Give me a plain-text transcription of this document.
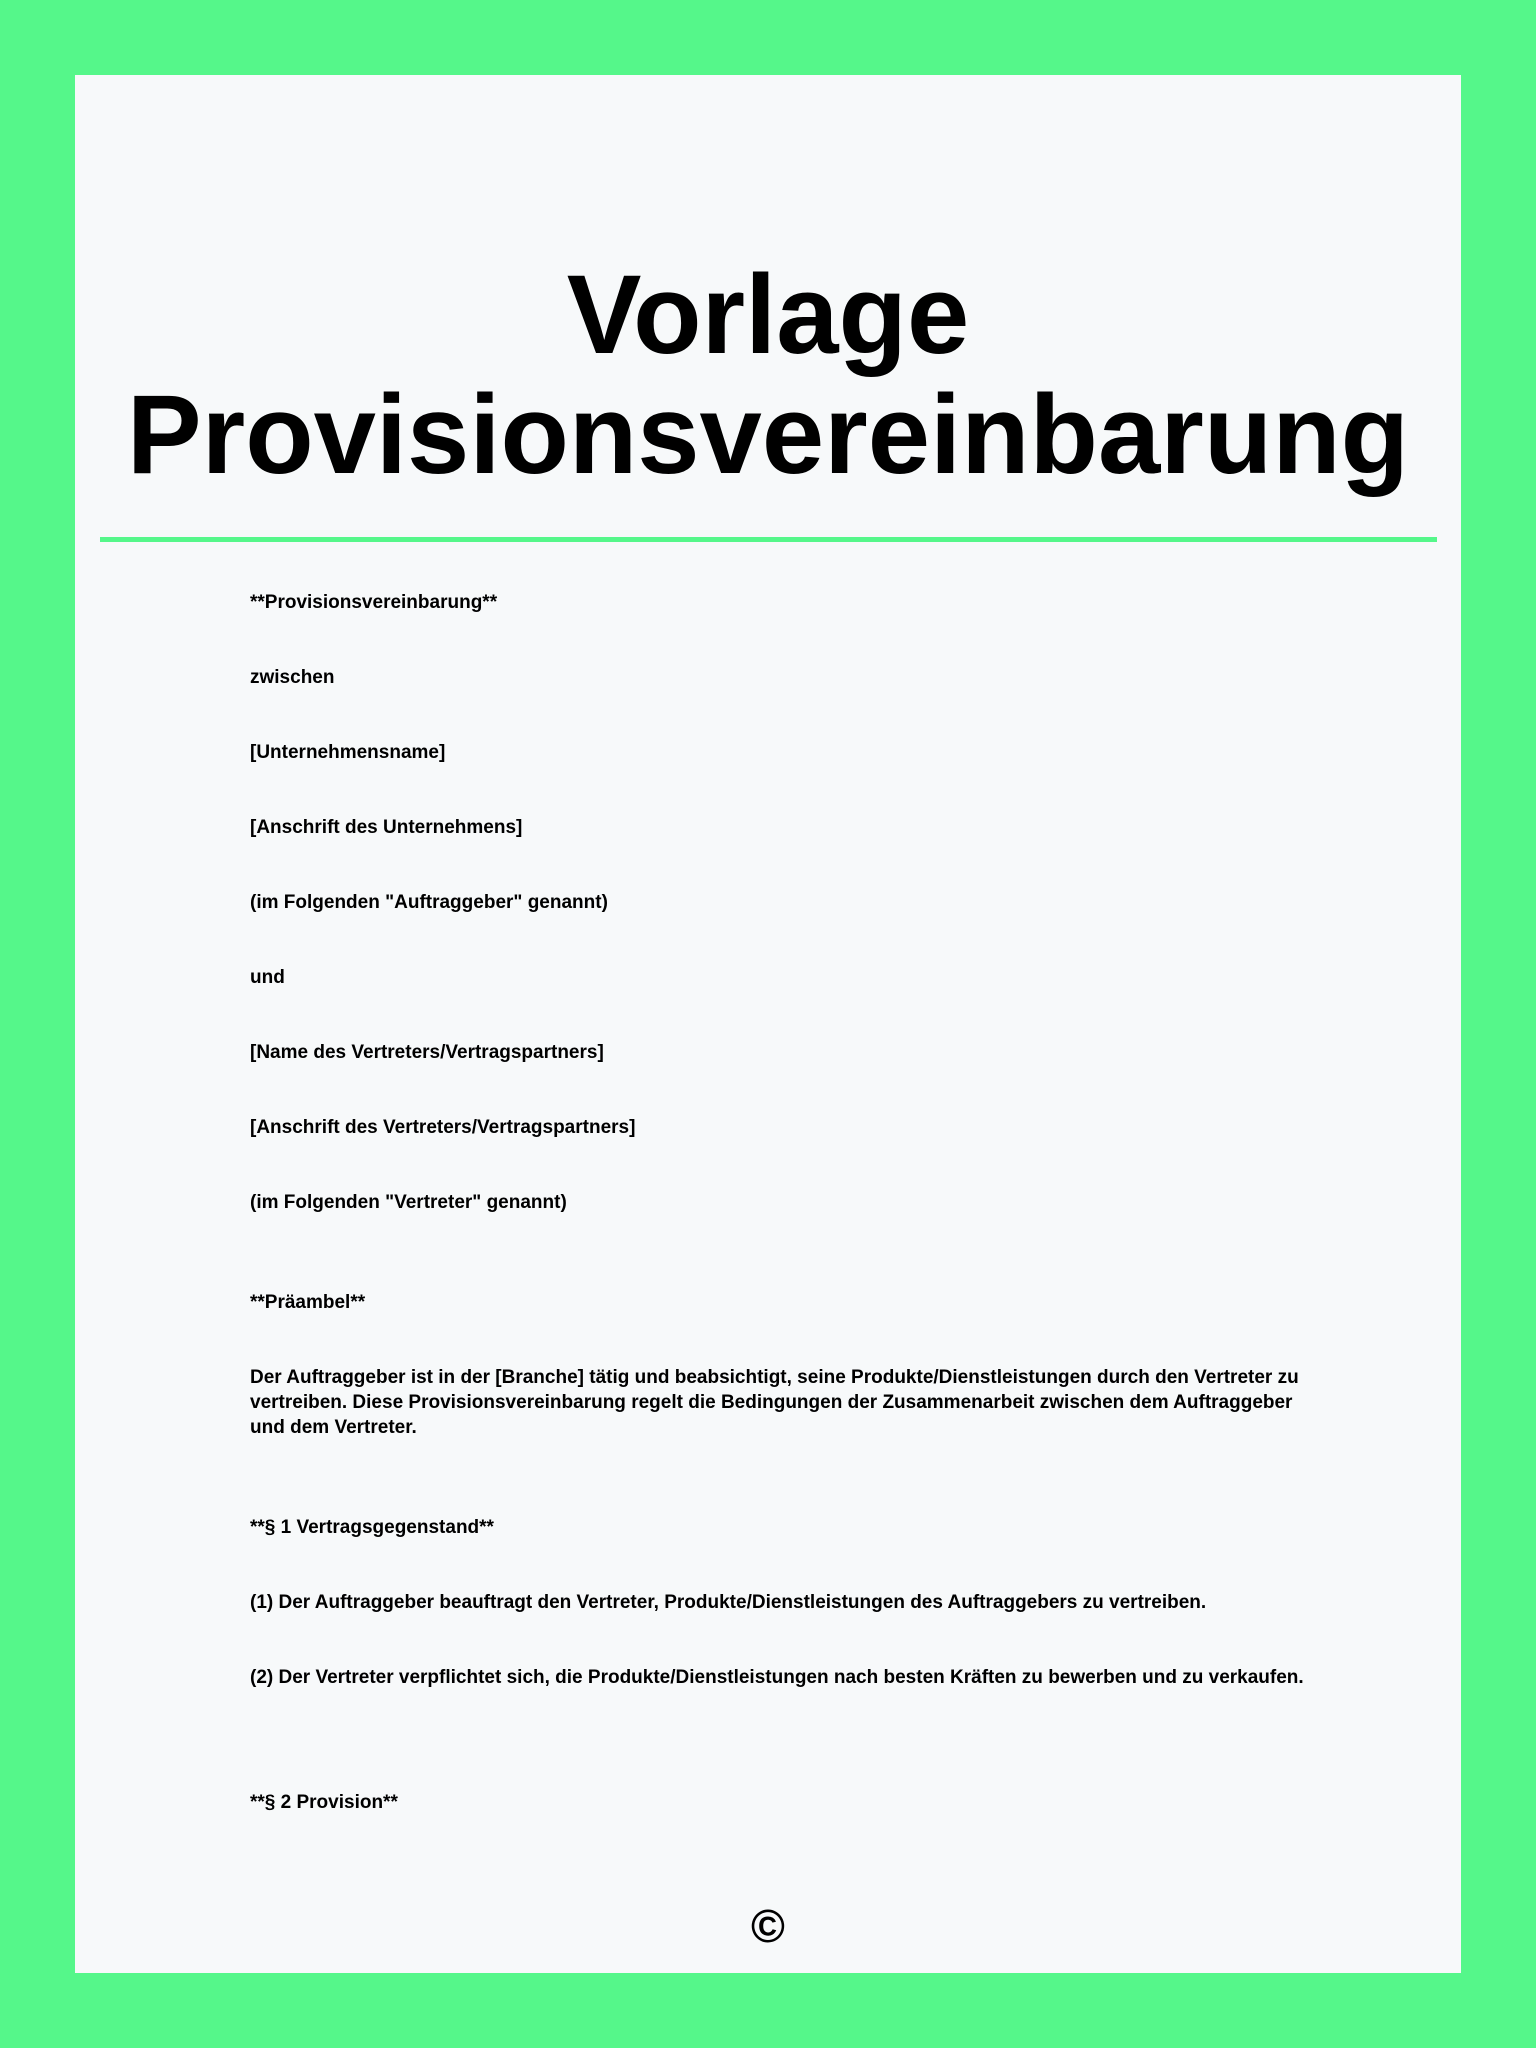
Vorlage
Provisionsvereinbarung

**Provisionsvereinbarung**

zwischen

[Unternehmensname]

[Anschrift des Unternehmens]

(im Folgenden "Auftraggeber" genannt)

und

[Name des Vertreters/Vertragspartners]

[Anschrift des Vertreters/Vertragspartners]

(im Folgenden "Vertreter" genannt)

**Präambel**

Der Auftraggeber ist in der [Branche] tätig und beabsichtigt, seine Produkte/Dienstleistungen durch den Vertreter zu vertreiben. Diese Provisionsvereinbarung regelt die Bedingungen der Zusammenarbeit zwischen dem Auftraggeber und dem Vertreter.

**§ 1 Vertragsgegenstand**

(1) Der Auftraggeber beauftragt den Vertreter, Produkte/Dienstleistungen des Auftraggebers zu vertreiben.

(2) Der Vertreter verpflichtet sich, die Produkte/Dienstleistungen nach besten Kräften zu bewerben und zu verkaufen.

**§ 2 Provision**

©
